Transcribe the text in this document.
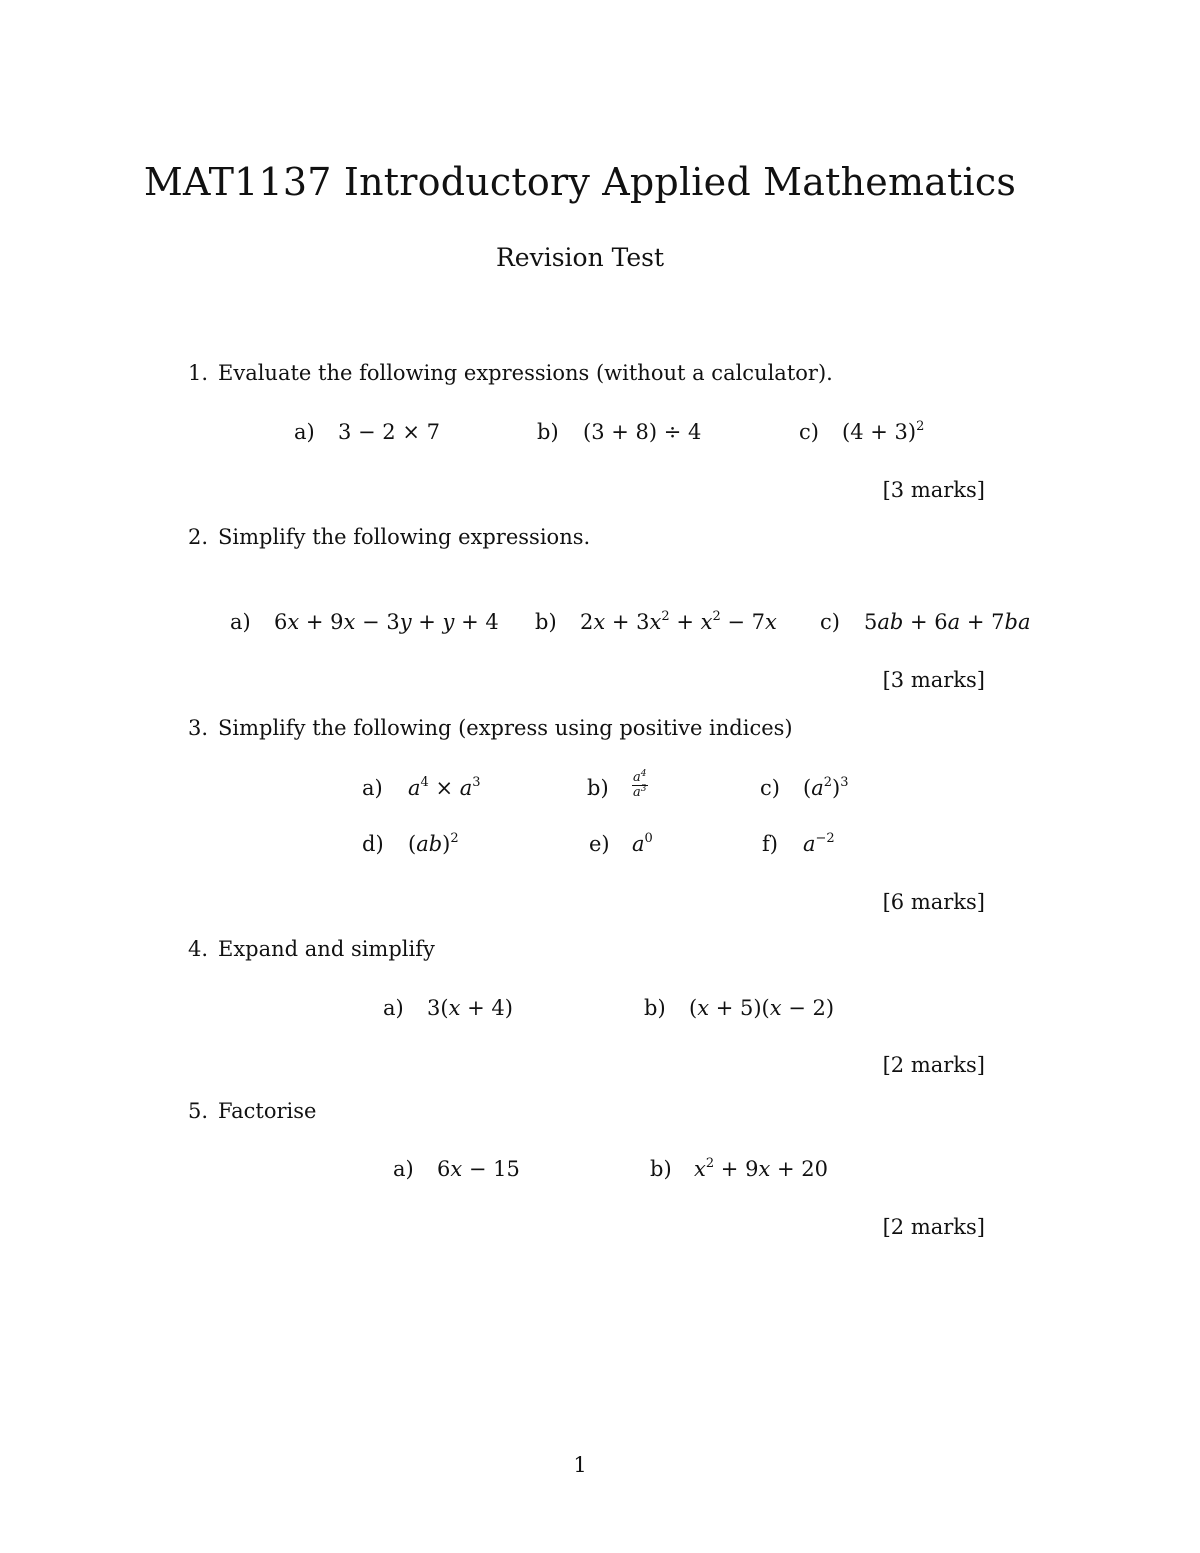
MAT1137 Introductory Applied Mathematics
Revision Test
1. Evaluate the following expressions (without a calculator).
a) 3 − 2 × 7	b) (3 + 8) ÷ 4	c) $(4 + 3)^2$
[3 marks]
2. Simplify the following expressions.
a) 6x + 9x − 3y + y + 4 b) $2x + 3x^2 + x^2 - 7x$ c) 5ab + 6a + 7ba
[3 marks]
3. Simplify the following (express using positive indices)
a) $a^4 \times a^3$	$b) \frac{a^4}{a^3}$	c) $(a^2)^3$
d) (ab)$^2$	e) $a^0$	f) $a^{-2}$
[6 marks]
4. Expand and simplify
a) 3(x + 4)	b) (x + 5)(x − 2)
[2 marks]
5. Factorise
a) 6x − 15	b) $x^2 + 9x + 20$
[2 marks]
1
